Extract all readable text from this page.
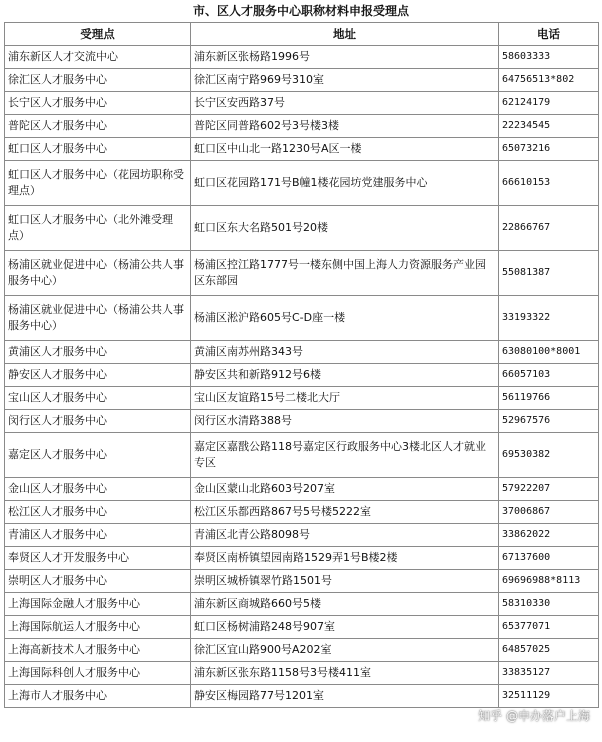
市、区人才服务中心职称材料申报受理点
受理点	地址	电话
浦东新区人才交流中心	浦东新区张杨路1996号	58603333
徐汇区人才服务中心	徐汇区南宁路969号310室	64756513*802
长宁区人才服务中心	长宁区安西路37号	62124179
普陀区人才服务中心	普陀区同普路602号3号楼3楼	22234545
虹口区人才服务中心	虹口区中山北一路1230号A区一楼	65073216
虹口区人才服务中心（花园坊职称受理点）	虹口区花园路171号B幢1楼花园坊党建服务中心	66610153
虹口区人才服务中心（北外滩受理点）	虹口区东大名路501号20楼	22866767
杨浦区就业促进中心（杨浦公共人事服务中心）	杨浦区控江路1777号一楼东侧中国上海人力资源服务产业园区东部园	55081387
杨浦区就业促进中心（杨浦公共人事服务中心）	杨浦区淞沪路605号C-D座一楼	33193322
黄浦区人才服务中心	黄浦区南苏州路343号	63080100*8001
静安区人才服务中心	静安区共和新路912号6楼	66057103
宝山区人才服务中心	宝山区友谊路15号二楼北大厅	56119766
闵行区人才服务中心	闵行区水清路388号	52967576
嘉定区人才服务中心	嘉定区嘉戬公路118号嘉定区行政服务中心3楼北区人才就业专区	69530382
金山区人才服务中心	金山区蒙山北路603号207室	57922207
松江区人才服务中心	松江区乐都西路867号5号楼5222室	37006867
青浦区人才服务中心	青浦区北青公路8098号	33862022
奉贤区人才开发服务中心	奉贤区南桥镇望园南路1529弄1号B楼2楼	67137600
崇明区人才服务中心	崇明区城桥镇翠竹路1501号	69696988*8113
上海国际金融人才服务中心	浦东新区商城路660号5楼	58310330
上海国际航运人才服务中心	虹口区杨树浦路248号907室	65377071
上海高新技术人才服务中心	徐汇区宜山路900号A202室	64857025
上海国际科创人才服务中心	浦东新区张东路1158号3号楼411室	33835127
上海市人才服务中心	静安区梅园路77号1201室	32511129
知乎 @申办落户上海
